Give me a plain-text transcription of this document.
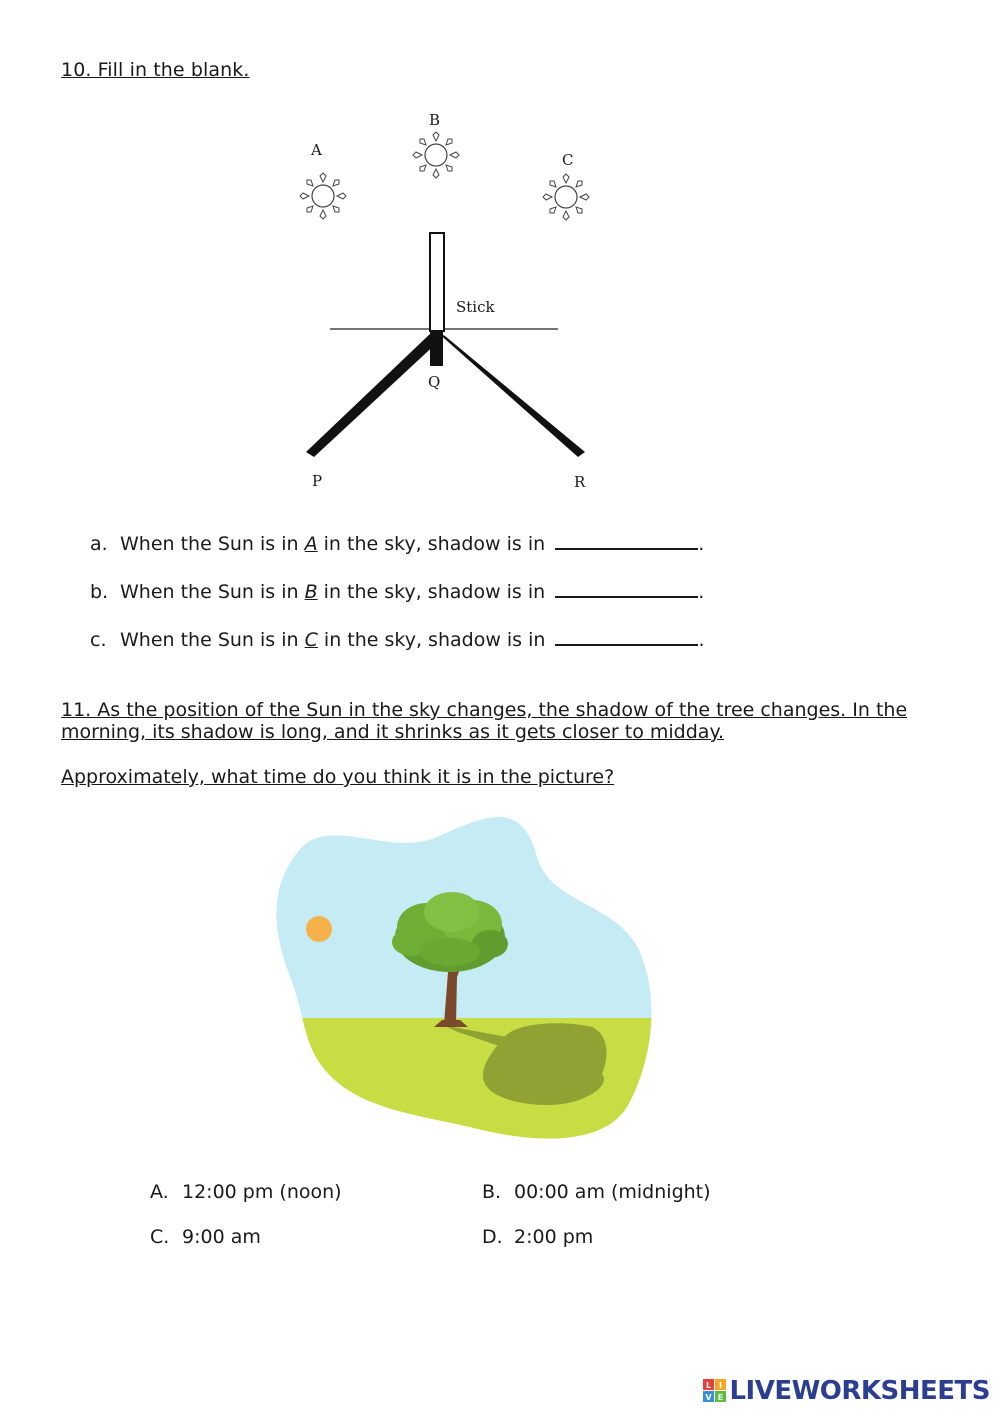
10. Fill in the blank.
A
B
C
Stick
Q
P	R
a. When the Sun is in A in the sky, shadow is in	.
b. When the Sun is in B in the sky, shadow is in	.
c. When the Sun is in C in the sky, shadow is in	.
11. As the position of the Sun in the sky changes, the shadow of the tree changes. In the morning, its shadow is long, and it shrinks as it gets closer to midday.
Approximately, what time do you think it is in the picture?
A. 12:00 pm (noon)	B. 00:00 am (midnight)
C. 9:00 am	D. 2:00 pm
L I
V E LIVEWORKSHEETS
